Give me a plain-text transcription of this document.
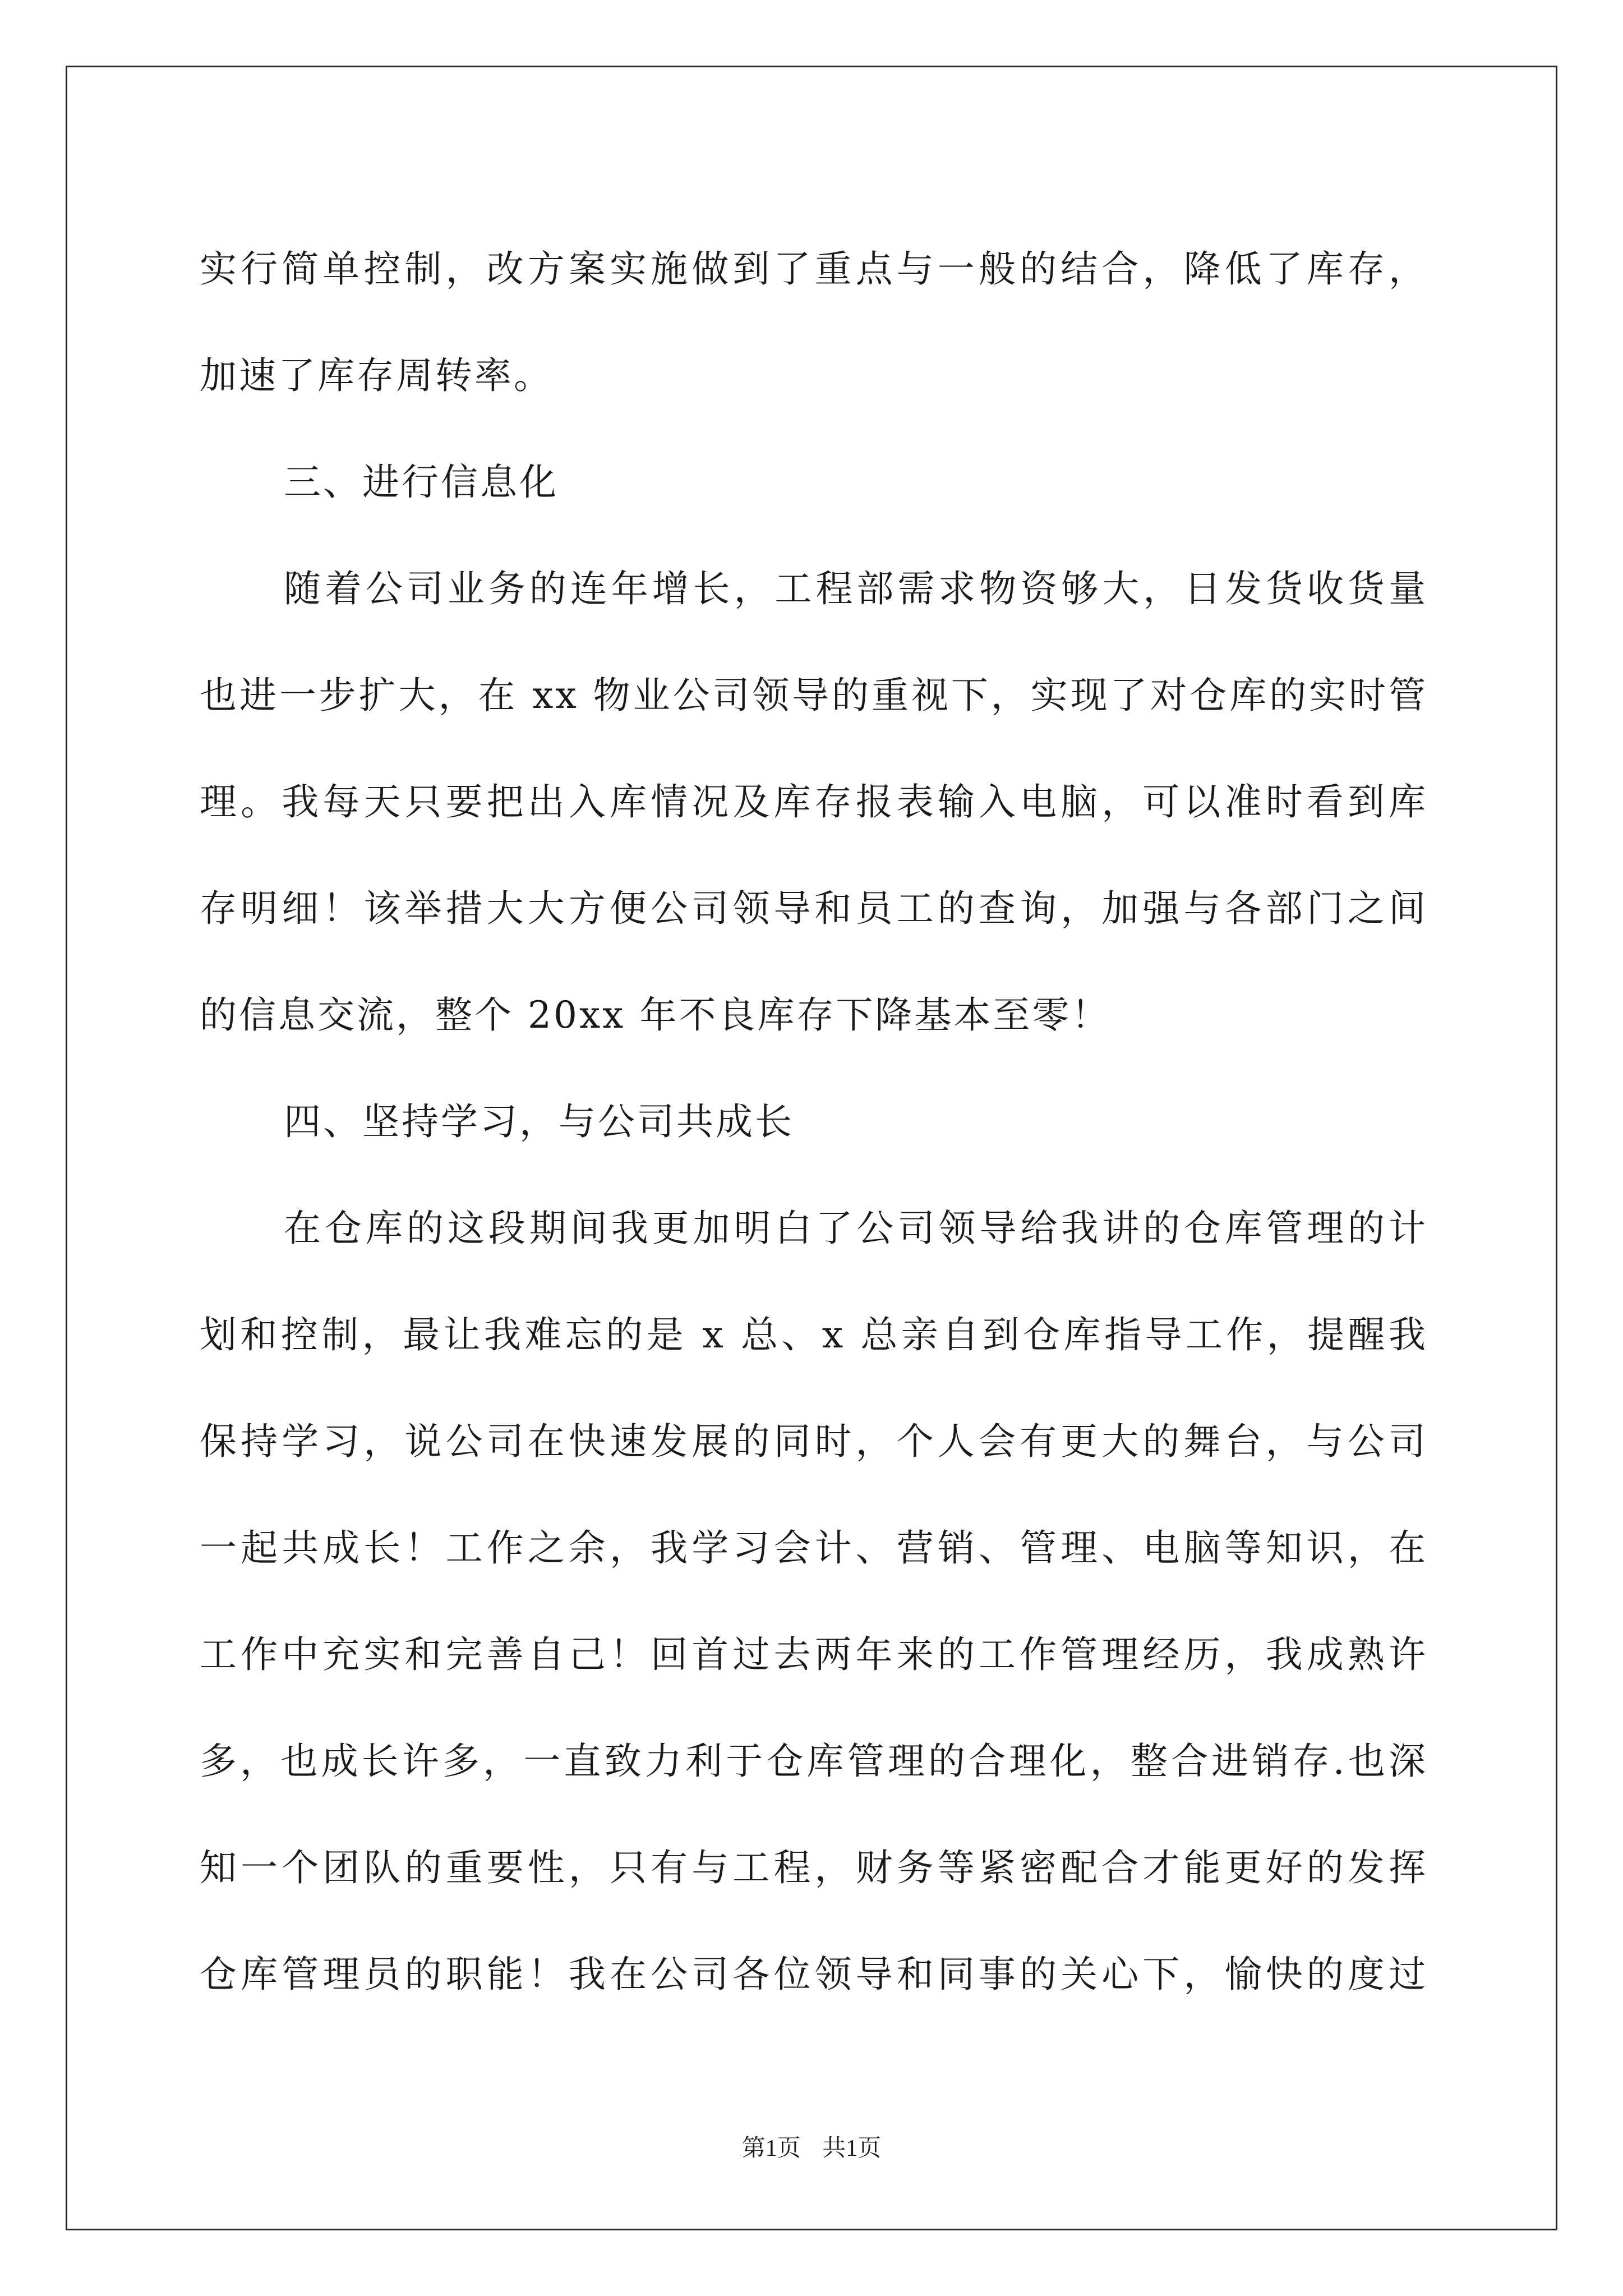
实行简单控制，改方案实施做到了重点与一般的结合，降低了库存，
加速了库存周转率。
三、进行信息化
随着公司业务的连年增长，工程部需求物资够大，日发货收货量
也进一步扩大，在 xx 物业公司领导的重视下，实现了对仓库的实时管
理。我每天只要把出入库情况及库存报表输入电脑，可以准时看到库
存明细！该举措大大方便公司领导和员工的查询，加强与各部门之间
的信息交流，整个 20xx 年不良库存下降基本至零！
四、坚持学习，与公司共成长
在仓库的这段期间我更加明白了公司领导给我讲的仓库管理的计
划和控制，最让我难忘的是 x 总、x 总亲自到仓库指导工作，提醒我
保持学习，说公司在快速发展的同时，个人会有更大的舞台，与公司
一起共成长！工作之余，我学习会计、营销、管理、电脑等知识，在
工作中充实和完善自己！回首过去两年来的工作管理经历，我成熟许
多，也成长许多，一直致力利于仓库管理的合理化，整合进销存.也深
知一个团队的重要性，只有与工程，财务等紧密配合才能更好的发挥
仓库管理员的职能！我在公司各位领导和同事的关心下，愉快的度过
第1页 共1页
